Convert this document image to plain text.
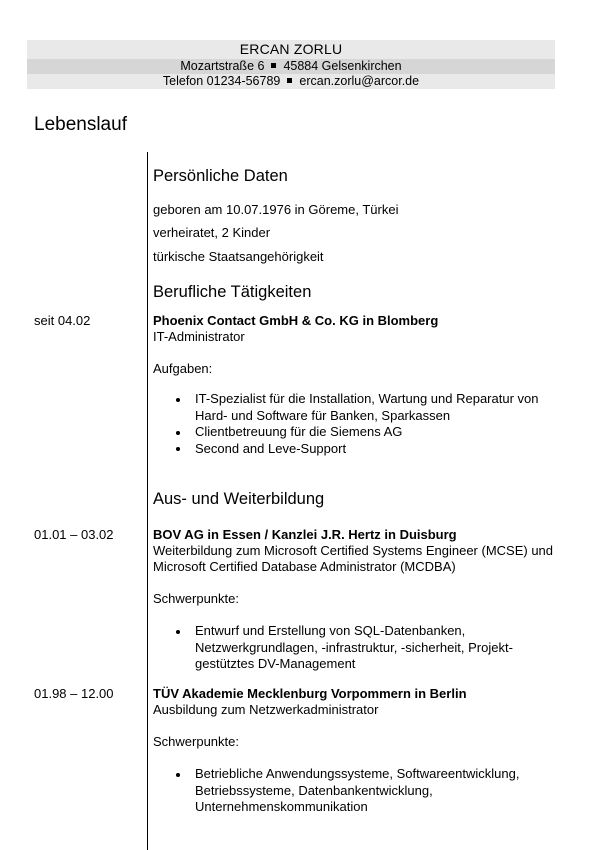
ERCAN ZORLU
Mozartstraße 6 45884 Gelsenkirchen
Telefon 01234-56789 ercan.zorlu@arcor.de
Lebenslauf
Persönliche Daten
geboren am 10.07.1976 in Göreme, Türkei
verheiratet, 2 Kinder
türkische Staatsangehörigkeit
Berufliche Tätigkeiten
seit 04.02	Phoenix Contact GmbH & Co. KG in Blomberg
IT-Administrator
Aufgaben:
IT-Spezialist für die Installation, Wartung und Reparatur von Hard- und Software für Banken, Sparkassen
Clientbetreuung für die Siemens AG
Second and Leve-Support
Aus- und Weiterbildung
01.01 – 03.02	BOV AG in Essen / Kanzlei J.R. Hertz in Duisburg
Weiterbildung zum Microsoft Certified Systems Engineer (MCSE) und Microsoft Certified Database Administrator (MCDBA)
Schwerpunkte:
Entwurf und Erstellung von SQL-Datenbanken, Netzwerkgrundlagen, -infrastruktur, -sicherheit, Projekt-gestütztes DV-Management
01.98 – 12.00	TÜV Akademie Mecklenburg Vorpommern in Berlin
Ausbildung zum Netzwerkadministrator
Schwerpunkte:
Betriebliche Anwendungssysteme, Softwareentwicklung, Betriebssysteme, Datenbankentwicklung, Unternehmenskommunikation
